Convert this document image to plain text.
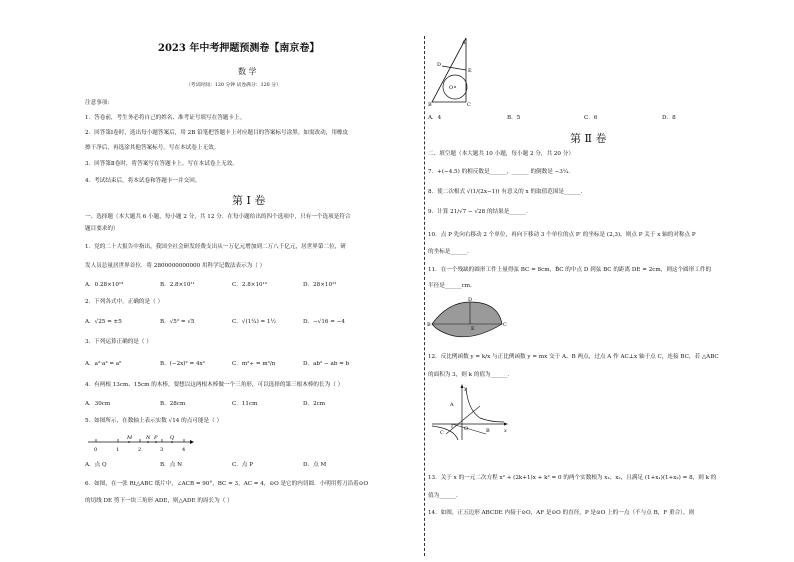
2023 年中考押题预测卷【南京卷】
数 学
（考试时间：120 分钟 试卷满分：120 分）
注意事项：
1．答卷前，考生务必将自己的姓名、准考证号填写在答题卡上。
2．回答第Ⅰ卷时，选出每小题答案后，用 2B 铅笔把答题卡上对应题目的答案标号涂黑。如需改动，用橡皮
擦干净后，再选涂其他答案标号。写在本试卷上无效。
3．回答第Ⅱ卷时，将答案写在答题卡上。写在本试卷上无效。
4．考试结束后，将本试卷和答题卡一并交回。
第 Ⅰ 卷
一、选择题（本大题共 6 小题，每小题 2 分，共 12 分．在每小题给出的四个选项中，只有一个选项是符合
题目要求的）
1．党的二十大报告中指出，我国全社会研发经费支出从一万亿元增加到二万八千亿元，居世界第二位，研
发人员总量居世界首位．将 2800000000000 用科学记数法表示为（ ）
A．0.28×10¹³	B．2.8×10¹¹	C．2.8×10¹²	D．28×10¹¹
2．下列各式中，正确的是（ ）
A．√25 = ±5	B．√5² = √5	C．√(1¼) = 1½	D．−√16 = −4
3．下列运算正确的是（ ）
A．a²·a³ = a⁶	B．(−2x)² = 4x²	C．m²÷ = m³/n	D．ab² − ab = b
4．有两根 13cm、15cm 的木棒，要想以这两根木棒做一个三角形，可以选择的第三根木棒的长为（ ）
A．30cm	B．28cm	C．11cm	D．2cm
5．如图所示，在数轴上表示实数 √14 的点可能是（ ）
0	1	2	3	4
M	N P	Q
A．点 Q	B．点 N	C．点 P	D．点 M
6．如图，在一张 Rt△ABC 纸片中，∠ACB = 90°，BC = 3，AC = 4，⊙O 是它的内切圆．小明用剪刀沿着⊙O
的切线 DE 剪下一块三角形 ADE，则△ADE 的周长为（ ）
A
D
E
O
B	C
A．4	B．5	C．6	D．8
第 Ⅱ 卷
二、填空题（本大题共 10 小题，每小题 2 分，共 20 分）
7．+(−4.5) 的相反数是______，______ 的倒数是 −3¼．
8．使二次根式 √(1/(2x−1)) 有意义的 x 的取值范围是______．
9．计算 21/√7 − √28 的结果是______．
10．点 P 先向右移动 2 个单位，再向下移动 3 个单位的点 P′ 的坐标是 (2,3)，则点 P 关于 x 轴的对称点 P
的坐标是______．
11．在一个残缺的圆形工件上量得弦 BC = 8cm，B̂C 的中点 D 到弦 BC 的距离 DE = 2cm，则这个圆形工件的
半径是______cm．
D
B
E
C
12．反比例函数 y = k/x 与正比例函数 y = mx 交于 A、B 两点，过点 A 作 AC⊥x 轴于点 C，连接 BC，若 △ABC
的面积为 3，则 k 的值为______．
y
A
O
C	B	x
13．关于 x 的一元二次方程 x² + (2k+1)x + k² = 0 的两个实数根为 x₁、x₂，且满足 (1+x₁)(1+x₂) = 8，则 k 的
值为______．
14．如图，正五边形 ABCDE 内接于⊙O，AF 是⊙O 的直径，P 是⊙O 上的一点（不与点 B，F 重合），则
